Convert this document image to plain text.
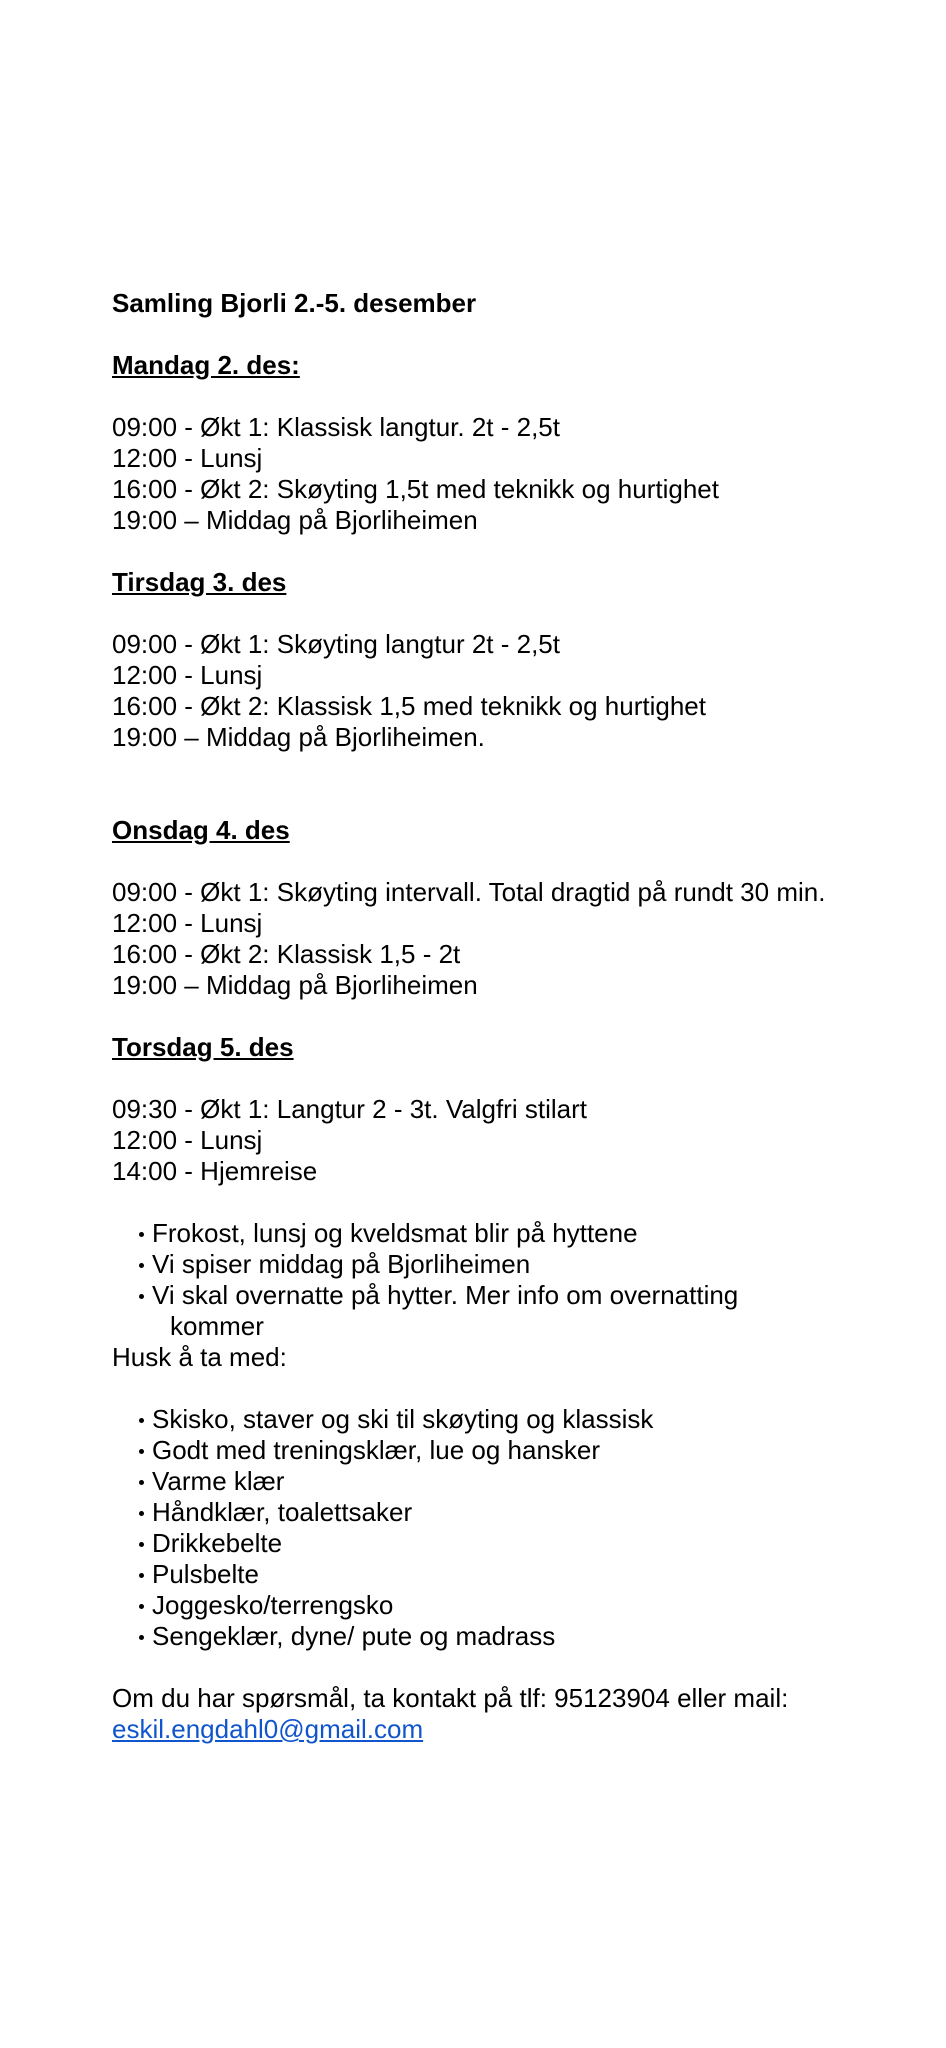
Samling Bjorli 2.-5. desember
Mandag 2. des:
09:00 - Økt 1: Klassisk langtur. 2t - 2,5t
12:00 - Lunsj
16:00 - Økt 2: Skøyting 1,5t med teknikk og hurtighet
19:00 – Middag på Bjorliheimen
Tirsdag 3. des
09:00 - Økt 1: Skøyting langtur 2t - 2,5t
12:00 - Lunsj
16:00 - Økt 2: Klassisk 1,5 med teknikk og hurtighet
19:00 – Middag på Bjorliheimen.
Onsdag 4. des
09:00 - Økt 1: Skøyting intervall. Total dragtid på rundt 30 min.
12:00 - Lunsj
16:00 - Økt 2: Klassisk 1,5 - 2t
19:00 – Middag på Bjorliheimen
Torsdag 5. des
09:30 - Økt 1: Langtur 2 - 3t. Valgfri stilart
12:00 - Lunsj
14:00 - Hjemreise
Frokost, lunsj og kveldsmat blir på hyttene
Vi spiser middag på Bjorliheimen
Vi skal overnatte på hytter. Mer info om overnatting
kommer
Husk å ta med:
Skisko, staver og ski til skøyting og klassisk
Godt med treningsklær, lue og hansker
Varme klær
Håndklær, toalettsaker
Drikkebelte
Pulsbelte
Joggesko/terrengsko
Sengeklær, dyne/ pute og madrass
Om du har spørsmål, ta kontakt på tlf: 95123904 eller mail:
eskil.engdahl0@gmail.com
